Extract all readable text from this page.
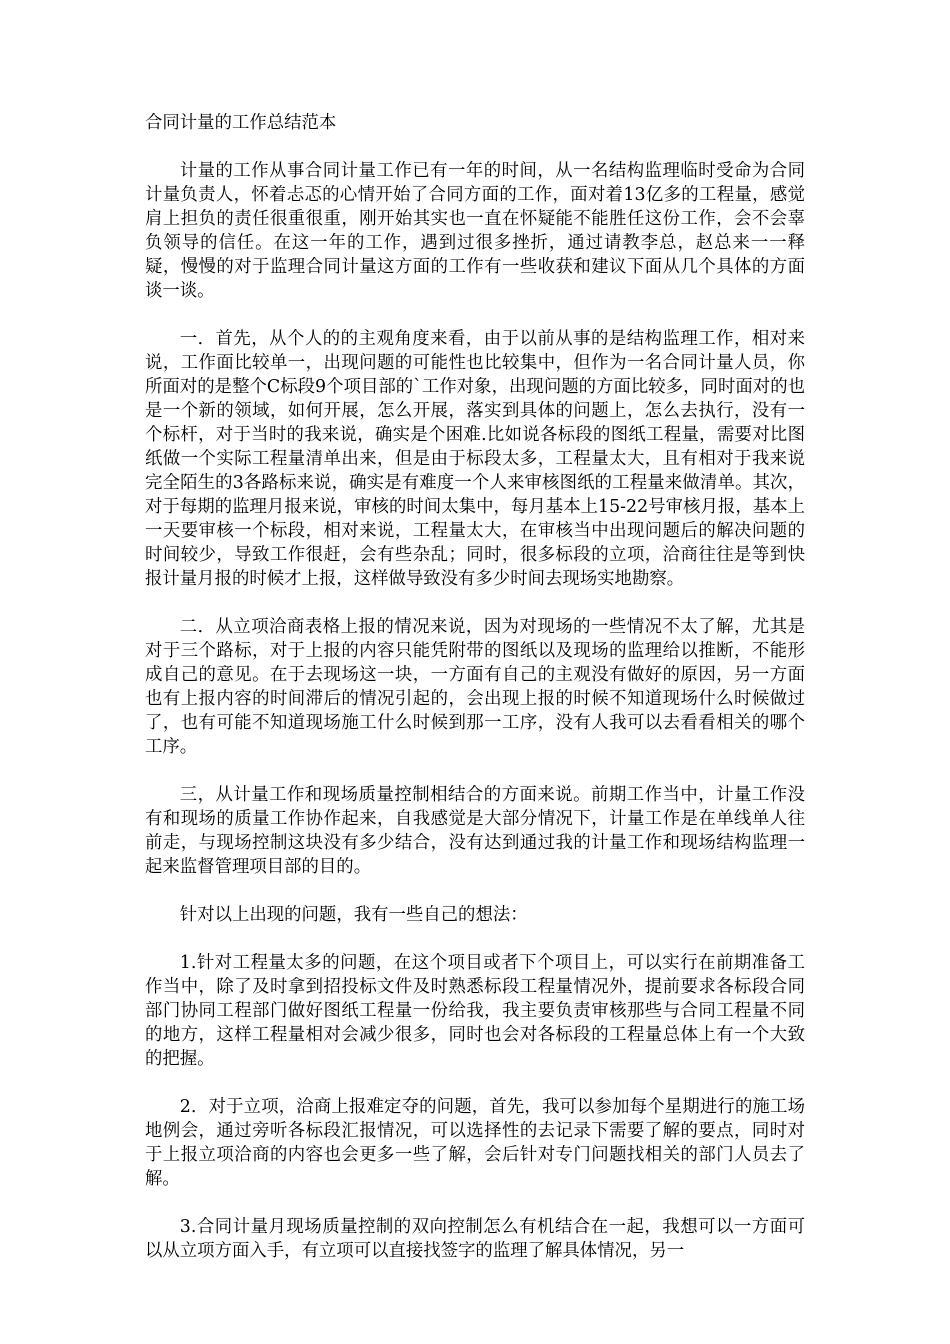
合同计量的工作总结范本

计量的工作从事合同计量工作已有一年的时间，从一名结构监理临时受命为合同计量负责人，怀着忐忑的心情开始了合同方面的工作，面对着13亿多的工程量，感觉肩上担负的责任很重很重，刚开始其实也一直在怀疑能不能胜任这份工作，会不会辜负领导的信任。在这一年的工作，遇到过很多挫折，通过请教李总，赵总来一一释疑，慢慢的对于监理合同计量这方面的工作有一些收获和建议下面从几个具体的方面谈一谈。

一．首先，从个人的的主观角度来看，由于以前从事的是结构监理工作，相对来说，工作面比较单一，出现问题的可能性也比较集中，但作为一名合同计量人员，你所面对的是整个C标段9个项目部的`工作对象，出现问题的方面比较多，同时面对的也是一个新的领域，如何开展，怎么开展，落实到具体的问题上，怎么去执行，没有一个标杆，对于当时的我来说，确实是个困难.比如说各标段的图纸工程量，需要对比图纸做一个实际工程量清单出来，但是由于标段太多，工程量太大，且有相对于我来说完全陌生的3各路标来说，确实是有难度一个人来审核图纸的工程量来做清单。其次，对于每期的监理月报来说，审核的时间太集中，每月基本上15-22号审核月报，基本上一天要审核一个标段，相对来说，工程量太大，在审核当中出现问题后的解决问题的时间较少，导致工作很赶，会有些杂乱；同时，很多标段的立项，洽商往往是等到快报计量月报的时候才上报，这样做导致没有多少时间去现场实地勘察。

二．从立项洽商表格上报的情况来说，因为对现场的一些情况不太了解，尤其是对于三个路标，对于上报的内容只能凭附带的图纸以及现场的监理给以推断，不能形成自己的意见。在于去现场这一块，一方面有自己的主观没有做好的原因，另一方面也有上报内容的时间滞后的情况引起的，会出现上报的时候不知道现场什么时候做过了，也有可能不知道现场施工什么时候到那一工序，没有人我可以去看看相关的哪个工序。

三，从计量工作和现场质量控制相结合的方面来说。前期工作当中，计量工作没有和现场的质量工作协作起来，自我感觉是大部分情况下，计量工作是在单线单人往前走，与现场控制这块没有多少结合，没有达到通过我的计量工作和现场结构监理一起来监督管理项目部的目的。

针对以上出现的问题，我有一些自己的想法：

1.针对工程量太多的问题，在这个项目或者下个项目上，可以实行在前期准备工作当中，除了及时拿到招投标文件及时熟悉标段工程量情况外，提前要求各标段合同部门协同工程部门做好图纸工程量一份给我，我主要负责审核那些与合同工程量不同的地方，这样工程量相对会减少很多，同时也会对各标段的工程量总体上有一个大致的把握。

2．对于立项，洽商上报难定夺的问题，首先，我可以参加每个星期进行的施工场地例会，通过旁听各标段汇报情况，可以选择性的去记录下需要了解的要点，同时对于上报立项洽商的内容也会更多一些了解，会后针对专门问题找相关的部门人员去了解。

3.合同计量月现场质量控制的双向控制怎么有机结合在一起，我想可以一方面可以从立项方面入手，有立项可以直接找签字的监理了解具体情况，另一
